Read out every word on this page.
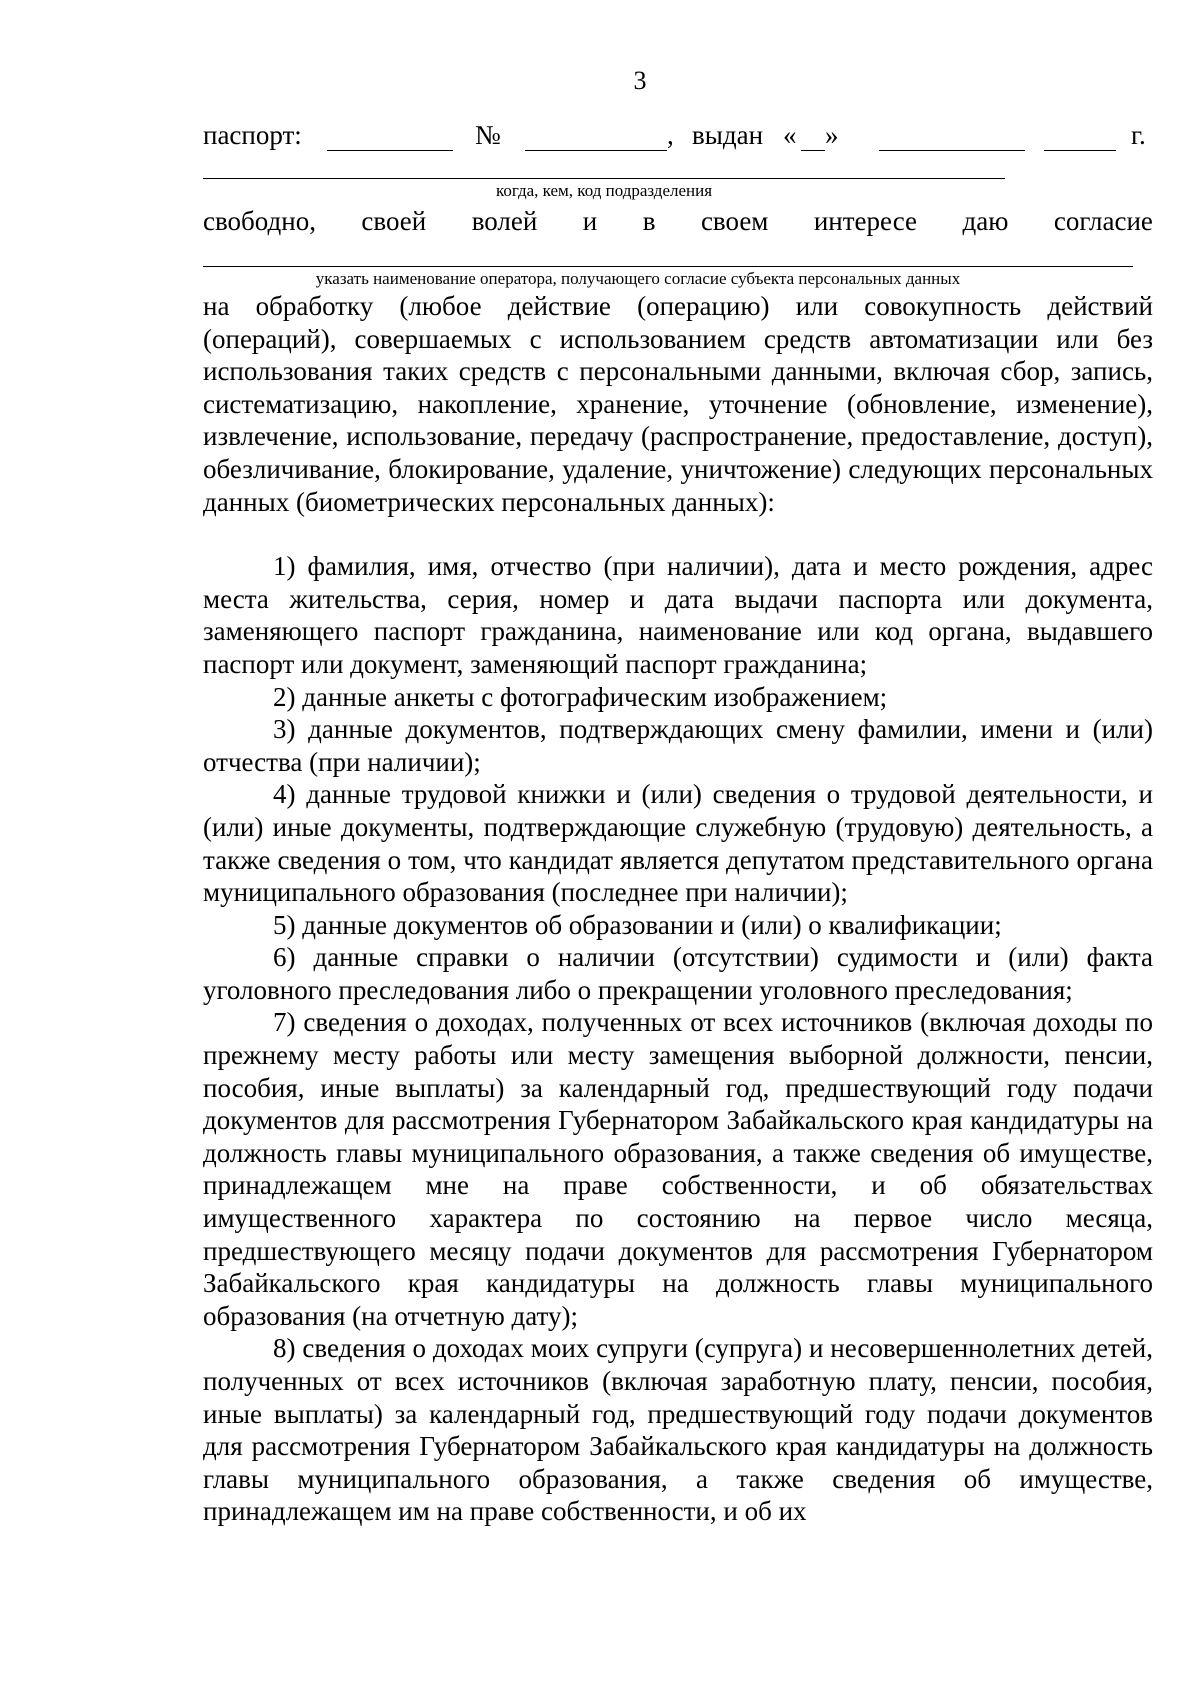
3
паспорт:	№	, выдан « »	г.
когда, кем, код подразделения
свободно, своей волей и в своем интересе даю согласие
указать наименование оператора, получающего согласие субъекта персональных данных

на обработку (любое действие (операцию) или совокупность действий (операций), совершаемых с использованием средств автоматизации или без использования таких средств с персональными данными, включая сбор, запись, систематизацию, накопление, хранение, уточнение (обновление, изменение), извлечение, использование, передачу (распространение, предоставление, доступ), обезличивание, блокирование, удаление, уничтожение) следующих персональных данных (биометрических персональных данных):

1) фамилия, имя, отчество (при наличии), дата и место рождения, адрес места жительства, серия, номер и дата выдачи паспорта или документа, заменяющего паспорт гражданина, наименование или код органа, выдавшего паспорт или документ, заменяющий паспорт гражданина;

2) данные анкеты с фотографическим изображением;

3) данные документов, подтверждающих смену фамилии, имени и (или) отчества (при наличии);

4) данные трудовой книжки и (или) сведения о трудовой деятельности, и (или) иные документы, подтверждающие служебную (трудовую) деятельность, а также сведения о том, что кандидат является депутатом представительного органа муниципального образования (последнее при наличии);

5) данные документов об образовании и (или) о квалификации;

6) данные справки о наличии (отсутствии) судимости и (или) факта уголовного преследования либо о прекращении уголовного преследования;

7) сведения о доходах, полученных от всех источников (включая доходы по прежнему месту работы или месту замещения выборной должности, пенсии, пособия, иные выплаты) за календарный год, предшествующий году подачи документов для рассмотрения Губернатором Забайкальского края кандидатуры на должность главы муниципального образования, а также сведения об имуществе, принадлежащем мне на праве собственности, и об обязательствах имущественного характера по состоянию на первое число месяца, предшествующего месяцу подачи документов для рассмотрения Губернатором Забайкальского края кандидатуры на должность главы муниципального образования (на отчетную дату);

8) сведения о доходах моих супруги (супруга) и несовершеннолетних детей, полученных от всех источников (включая заработную плату, пенсии, пособия, иные выплаты) за календарный год, предшествующий году подачи документов для рассмотрения Губернатором Забайкальского края кандидатуры на должность главы муниципального образования, а также сведения об имуществе, принадлежащем им на праве собственности, и об их
